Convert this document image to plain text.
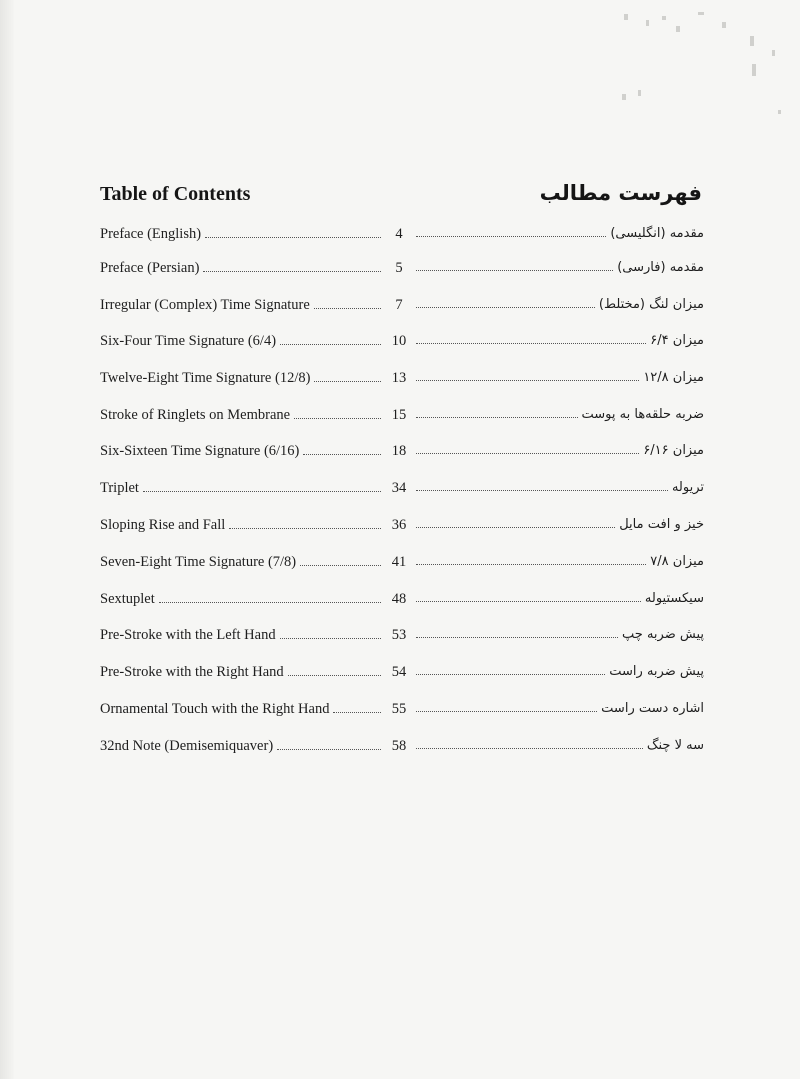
Table of Contents	فهرست مطالب
Preface (English)	4	مقدمه (انگلیسی)
Preface (Persian)	5	مقدمه (فارسی)
Irregular (Complex) Time Signature	7	میزان لنگ (مختلط)
Six-Four Time Signature (6/4)	10	میزان ۶/۴
Twelve-Eight Time Signature (12/8)	13	میزان ۱۲/۸
Stroke of Ringlets on Membrane	15	ضربه حلقه‌ها به پوست
Six-Sixteen Time Signature (6/16)	18	میزان ۶/۱۶
Triplet	34	تریوله
Sloping Rise and Fall	36	خیز و افت مایل
Seven-Eight Time Signature (7/8)	41	میزان ۷/۸
Sextuplet	48	سیکستیوله
Pre-Stroke with the Left Hand	53	پیش ضربه چپ
Pre-Stroke with the Right Hand	54	پیش ضربه راست
Ornamental Touch with the Right Hand	55	اشاره دست راست
32nd Note (Demisemiquaver)	58	سه لا چنگ
